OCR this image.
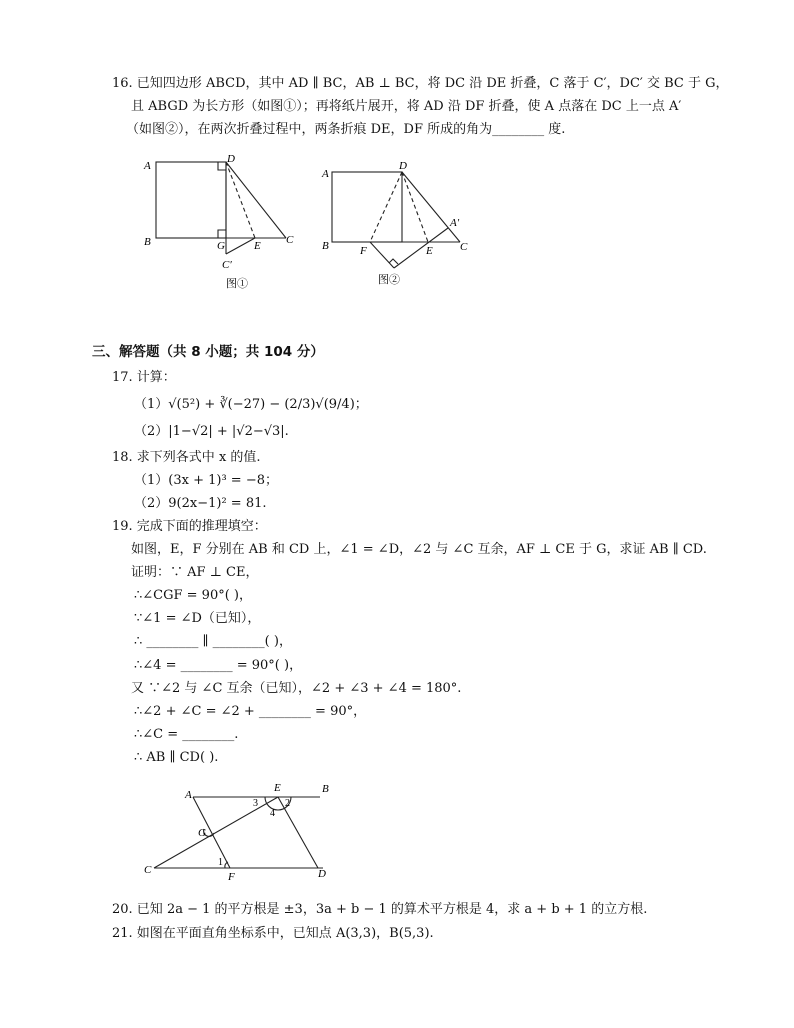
16. 已知四边形 ABCD，其中 AD ∥ BC，AB ⊥ BC，将 DC 沿 DE 折叠，C 落于 C′，DC′ 交 BC 于 G，
且 ABGD 为长方形（如图①）；再将纸片展开，将 AD 沿 DF 折叠，使 A 点落在 DC 上一点 A′
（如图②），在两次折叠过程中，两条折痕 DE，DF 所成的角为________ 度.
A
B
D
G	E C
C′
图①
A
B
D
F	E C
A′
图②
三、解答题（共 8 小题；共 104 分）
17. 计算：
（1）√(5²) + ∛(−27) − (2/3)√(9/4)；
（2）|1−√2| + |√2−√3|.
18. 求下列各式中 x 的值.
（1）(3x + 1)³ = −8；
（2）9(2x−1)² = 81.
19. 完成下面的推理填空：
如图，E，F 分别在 AB 和 CD 上，∠1 = ∠D，∠2 与 ∠C 互余，AF ⊥ CE 于 G，求证 AB ∥ CD.
证明：∵ AF ⊥ CE，
∴∠CGF = 90°( )，
∵∠1 = ∠D（已知），
∴ ________ ∥ ________( )，
∴∠4 = ________ = 90°( )，
又 ∵∠2 与 ∠C 互余（已知），∠2 + ∠3 + ∠4 = 180°.
∴∠2 + ∠C = ∠2 + ________ = 90°，
∴∠C = ________.
∴ AB ∥ CD( ).
A
E	B
G
C
F	D
1
2
3
4
20. 已知 2a − 1 的平方根是 ±3，3a + b − 1 的算术平方根是 4，求 a + b + 1 的立方根.
21. 如图在平面直角坐标系中，已知点 A(3,3)，B(5,3).
